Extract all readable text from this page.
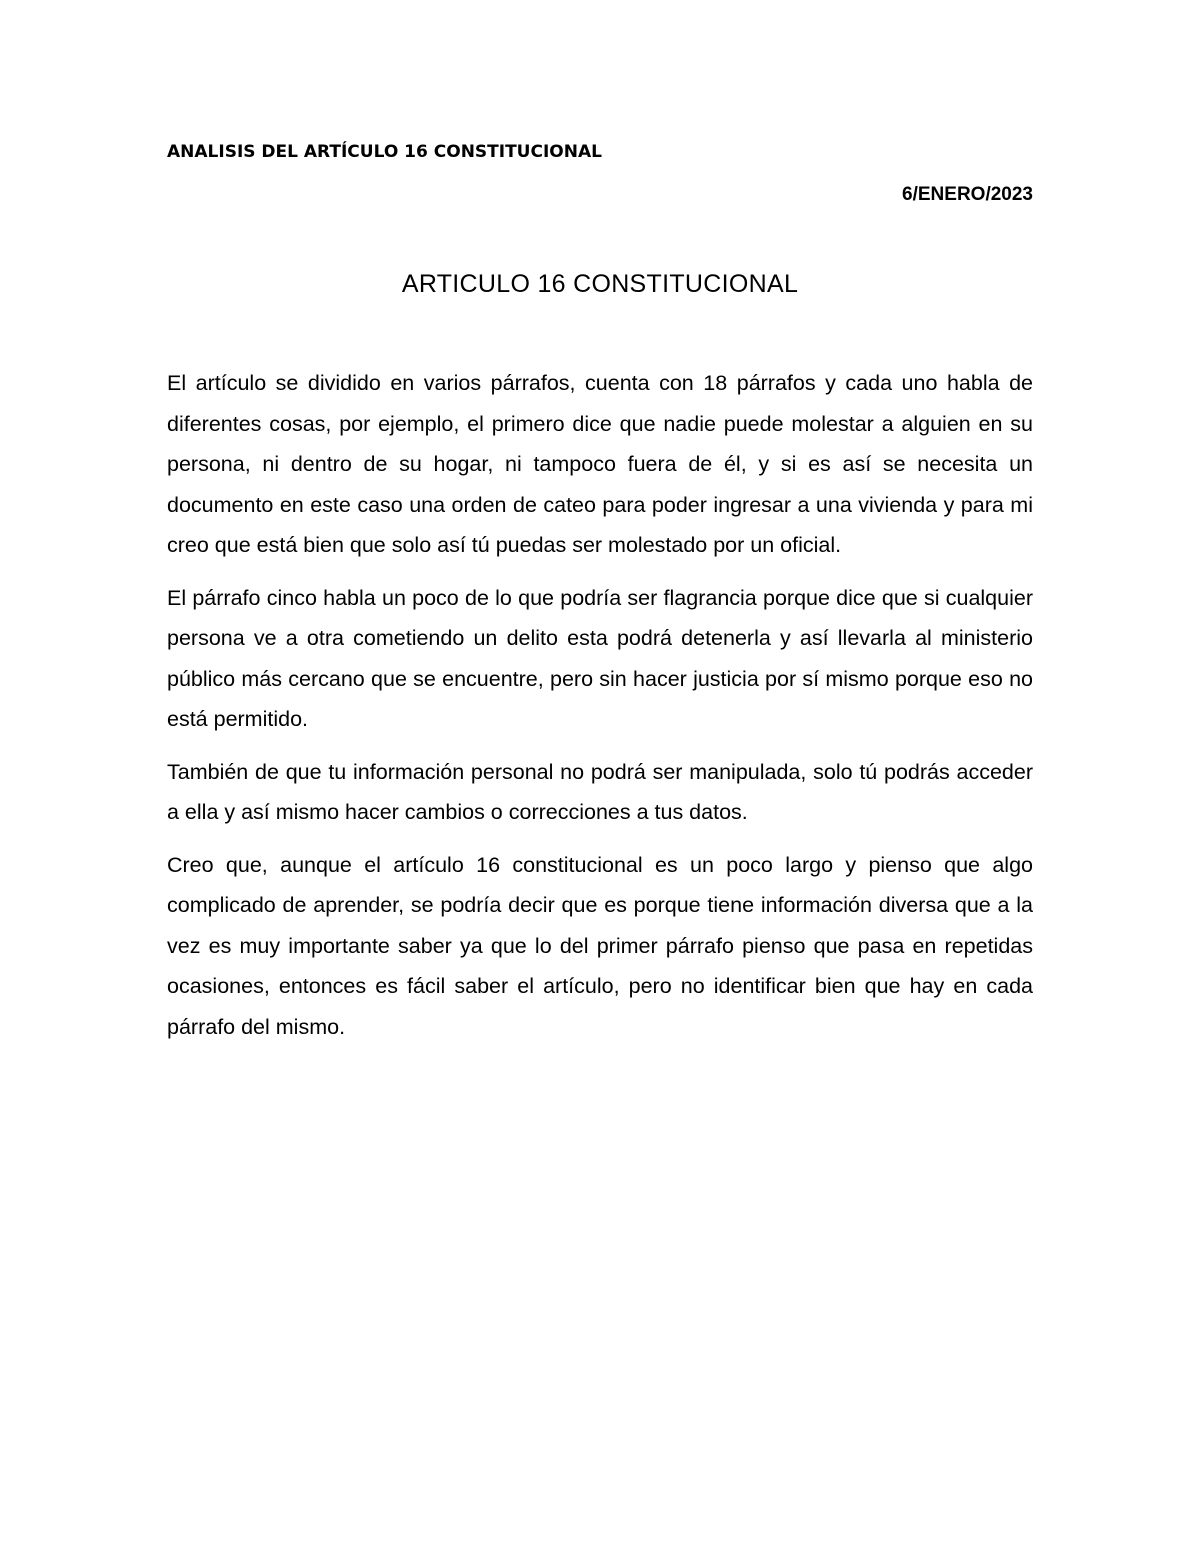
ANALISIS DEL ARTÍCULO 16 CONSTITUCIONAL
6/ENERO/2023
ARTICULO 16 CONSTITUCIONAL

El artículo se dividido en varios párrafos, cuenta con 18 párrafos y cada uno habla de diferentes cosas, por ejemplo, el primero dice que nadie puede molestar a alguien en su persona, ni dentro de su hogar, ni tampoco fuera de él, y si es así se necesita un documento en este caso una orden de cateo para poder ingresar a una vivienda y para mi creo que está bien que solo así tú puedas ser molestado por un oficial.

El párrafo cinco habla un poco de lo que podría ser flagrancia porque dice que si cualquier persona ve a otra cometiendo un delito esta podrá detenerla y así llevarla al ministerio público más cercano que se encuentre, pero sin hacer justicia por sí mismo porque eso no está permitido.

También de que tu información personal no podrá ser manipulada, solo tú podrás acceder a ella y así mismo hacer cambios o correcciones a tus datos.

Creo que, aunque el artículo 16 constitucional es un poco largo y pienso que algo complicado de aprender, se podría decir que es porque tiene información diversa que a la vez es muy importante saber ya que lo del primer párrafo pienso que pasa en repetidas ocasiones, entonces es fácil saber el artículo, pero no identificar bien que hay en cada párrafo del mismo.
